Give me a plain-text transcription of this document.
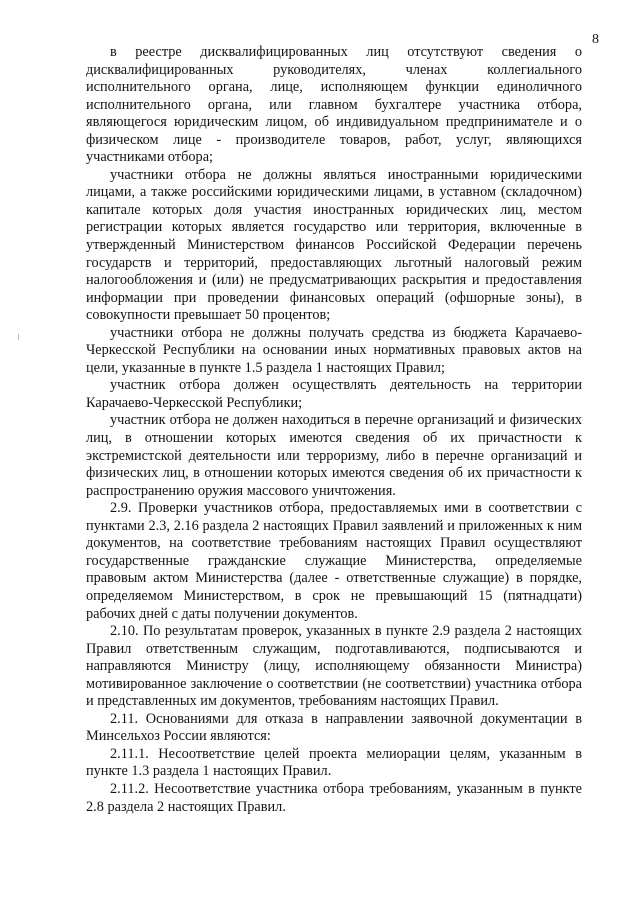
8

в реестре дисквалифицированных лиц отсутствуют сведения о дисквалифицированных руководителях, членах коллегиального исполнительного органа, лице, исполняющем функции единоличного исполнительного органа, или главном бухгалтере участника отбора, являющегося юридическим лицом, об индивидуальном предпринимателе и о физическом лице - производителе товаров, работ, услуг, являющихся участниками отбора;

участники отбора не должны являться иностранными юридическими лицами, а также российскими юридическими лицами, в уставном (складочном) капитале которых доля участия иностранных юридических лиц, местом регистрации которых является государство или территория, включенные в утвержденный Министерством финансов Российской Федерации перечень государств и территорий, предоставляющих льготный налоговый режим налогообложения и (или) не предусматривающих раскрытия и предоставления информации при проведении финансовых операций (офшорные зоны), в совокупности превышает 50 процентов;

участники отбора не должны получать средства из бюджета Карачаево-Черкесской Республики на основании иных нормативных правовых актов на цели, указанные в пункте 1.5 раздела 1 настоящих Правил;

участник отбора должен осуществлять деятельность на территории Карачаево-Черкесской Республики;

участник отбора не должен находиться в перечне организаций и физических лиц, в отношении которых имеются сведения об их причастности к экстремистской деятельности или терроризму, либо в перечне организаций и физических лиц, в отношении которых имеются сведения об их причастности к распространению оружия массового уничтожения.

2.9. Проверки участников отбора, предоставляемых ими в соответствии с пунктами 2.3, 2.16 раздела 2 настоящих Правил заявлений и приложенных к ним документов, на соответствие требованиям настоящих Правил осуществляют государственные гражданские служащие Министерства, определяемые правовым актом Министерства (далее - ответственные служащие) в порядке, определяемом Министерством, в срок не превышающий 15 (пятнадцати) рабочих дней с даты получении документов.

2.10. По результатам проверок, указанных в пункте 2.9 раздела 2 настоящих Правил ответственным служащим, подготавливаются, подписываются и направляются Министру (лицу, исполняющему обязанности Министра) мотивированное заключение о соответствии (не соответствии) участника отбора и представленных им документов, требованиям настоящих Правил.

2.11. Основаниями для отказа в направлении заявочной документации в Минсельхоз России являются:

2.11.1. Несоответствие целей проекта мелиорации целям, указанным в пункте 1.3 раздела 1 настоящих Правил.

2.11.2. Несоответствие участника отбора требованиям, указанным в пункте 2.8 раздела 2 настоящих Правил.
